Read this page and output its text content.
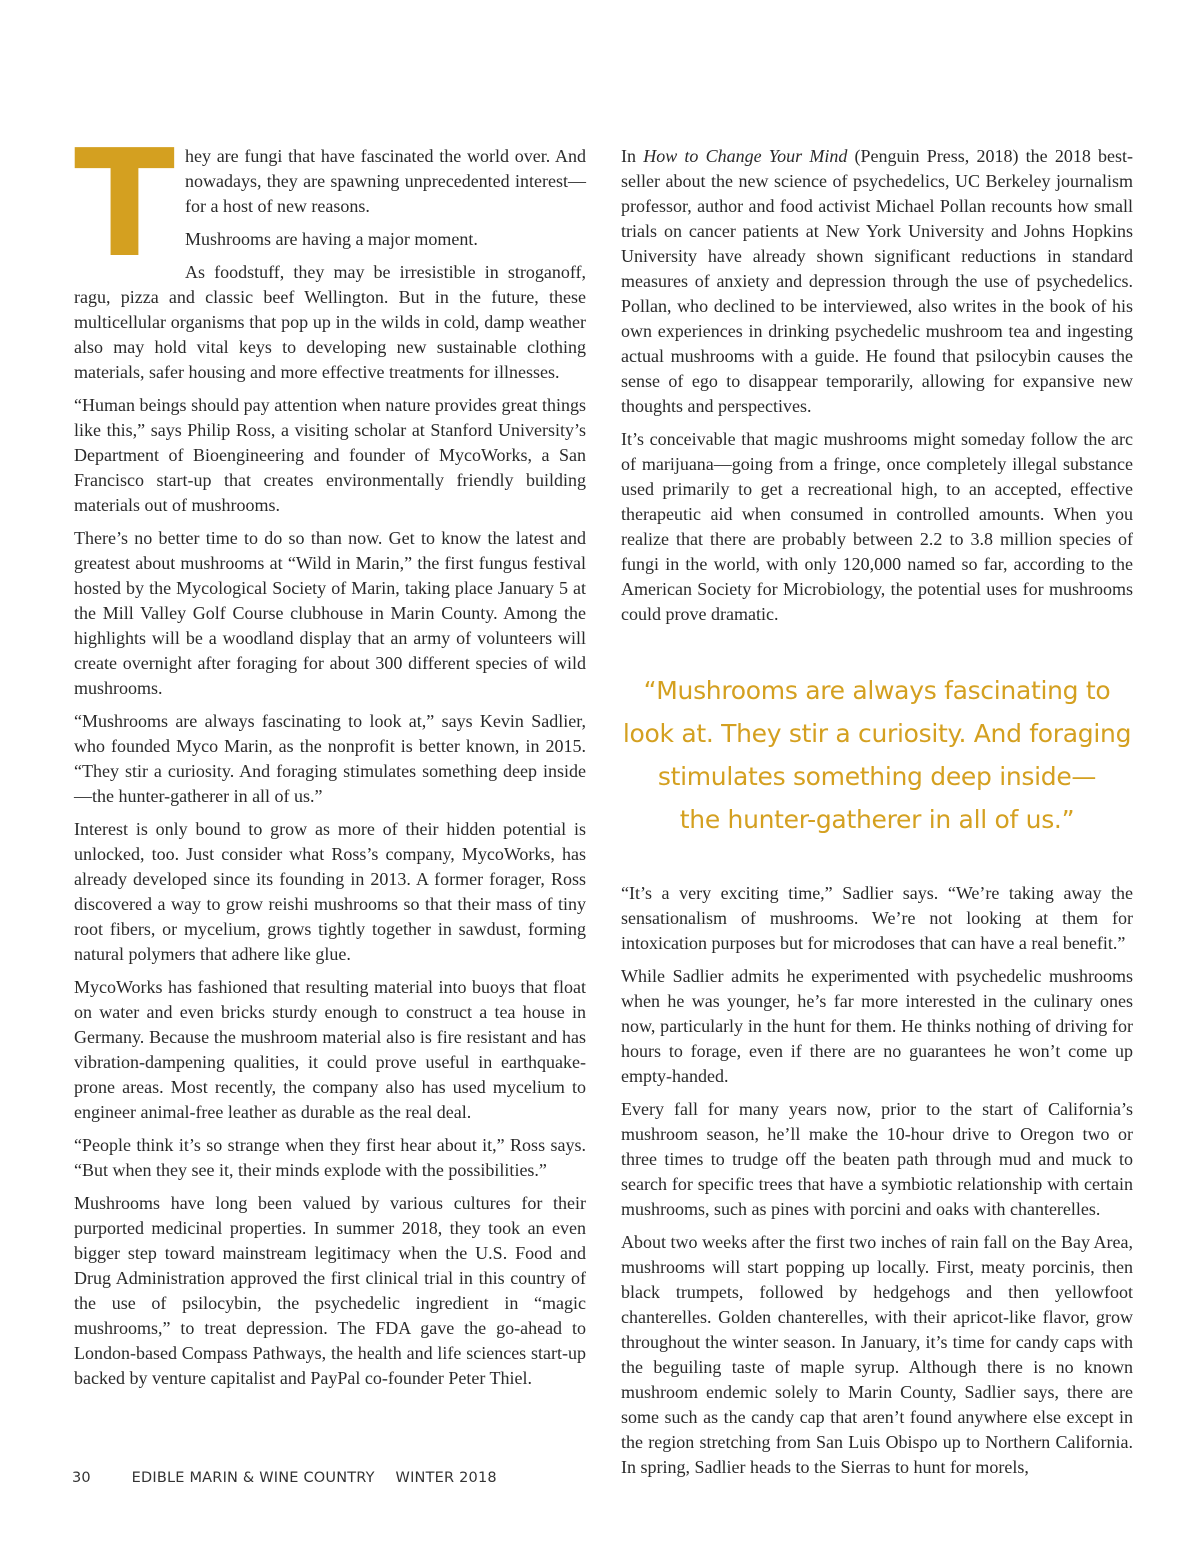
They are fungi that have fascinated the world over. And nowadays, they are spawning unprecedented interest—for a host of new reasons.

Mushrooms are having a major moment.

As foodstuff, they may be irresistible in stroganoff, ragu, pizza and classic beef Wellington. But in the future, these multicellular organisms that pop up in the wilds in cold, damp weather also may hold vital keys to developing new sustainable clothing materials, safer housing and more effective treatments for illnesses.

“Human beings should pay attention when nature provides great things like this,” says Philip Ross, a visiting scholar at Stanford University’s Department of Bioengineering and founder of MycoWorks, a San Francisco start-up that creates environmentally friendly building materials out of mushrooms.

There’s no better time to do so than now. Get to know the latest and greatest about mushrooms at “Wild in Marin,” the first fungus festival hosted by the Mycological Society of Marin, taking place January 5 at the Mill Valley Golf Course clubhouse in Marin County. Among the highlights will be a woodland display that an army of volunteers will create overnight after foraging for about 300 different species of wild mushrooms.

“Mushrooms are always fascinating to look at,” says Kevin Sadlier, who founded Myco Marin, as the nonprofit is better known, in 2015. “They stir a curiosity. And foraging stimulates something deep inside—the hunter-gatherer in all of us.”

Interest is only bound to grow as more of their hidden potential is unlocked, too. Just consider what Ross’s company, MycoWorks, has already developed since its founding in 2013. A former forager, Ross discovered a way to grow reishi mushrooms so that their mass of tiny root fibers, or mycelium, grows tightly together in sawdust, forming natural polymers that adhere like glue.

MycoWorks has fashioned that resulting material into buoys that float on water and even bricks sturdy enough to construct a tea house in Germany. Because the mushroom material also is fire resistant and has vibration-dampening qualities, it could prove useful in earthquake-prone areas. Most recently, the company also has used mycelium to engineer animal-free leather as durable as the real deal.

“People think it’s so strange when they first hear about it,” Ross says. “But when they see it, their minds explode with the possibilities.”

Mushrooms have long been valued by various cultures for their purported medicinal properties. In summer 2018, they took an even bigger step toward mainstream legitimacy when the U.S. Food and Drug Administration approved the first clinical trial in this country of the use of psilocybin, the psychedelic ingredient in “magic mushrooms,” to treat depression. The FDA gave the go-ahead to London-based Compass Pathways, the health and life sciences start-up backed by venture capitalist and PayPal co-founder Peter Thiel.

In How to Change Your Mind (Penguin Press, 2018) the 2018 best-seller about the new science of psychedelics, UC Berkeley journalism professor, author and food activist Michael Pollan recounts how small trials on cancer patients at New York University and Johns Hopkins University have already shown significant reductions in standard measures of anxiety and depression through the use of psychedelics. Pollan, who declined to be interviewed, also writes in the book of his own experiences in drinking psychedelic mushroom tea and ingesting actual mushrooms with a guide. He found that psilocybin causes the sense of ego to disappear temporarily, allowing for expansive new thoughts and perspectives.

It’s conceivable that magic mushrooms might someday follow the arc of marijuana—going from a fringe, once completely illegal substance used primarily to get a recreational high, to an accepted, effective therapeutic aid when consumed in controlled amounts. When you realize that there are probably between 2.2 to 3.8 million species of fungi in the world, with only 120,000 named so far, according to the American Society for Microbiology, the potential uses for mushrooms could prove dramatic.

“Mushrooms are always fascinating to
look at. They stir a curiosity. And foraging
stimulates something deep inside—
the hunter-gatherer in all of us.”

“It’s a very exciting time,” Sadlier says. “We’re taking away the sensationalism of mushrooms. We’re not looking at them for intoxication purposes but for microdoses that can have a real benefit.”

While Sadlier admits he experimented with psychedelic mushrooms when he was younger, he’s far more interested in the culinary ones now, particularly in the hunt for them. He thinks nothing of driving for hours to forage, even if there are no guarantees he won’t come up empty-handed.

Every fall for many years now, prior to the start of California’s mushroom season, he’ll make the 10-hour drive to Oregon two or three times to trudge off the beaten path through mud and muck to search for specific trees that have a symbiotic relationship with certain mushrooms, such as pines with porcini and oaks with chanterelles.

About two weeks after the first two inches of rain fall on the Bay Area, mushrooms will start popping up locally. First, meaty porcinis, then black trumpets, followed by hedgehogs and then yellowfoot chanterelles. Golden chanterelles, with their apricot-like flavor, grow throughout the winter season. In January, it’s time for candy caps with the beguiling taste of maple syrup. Although there is no known mushroom endemic solely to Marin County, Sadlier says, there are some such as the candy cap that aren’t found anywhere else except in the region stretching from San Luis Obispo up to Northern California. In spring, Sadlier heads to the Sierras to hunt for morels,

30	EDIBLE MARIN & WINE COUNTRY WINTER 2018
